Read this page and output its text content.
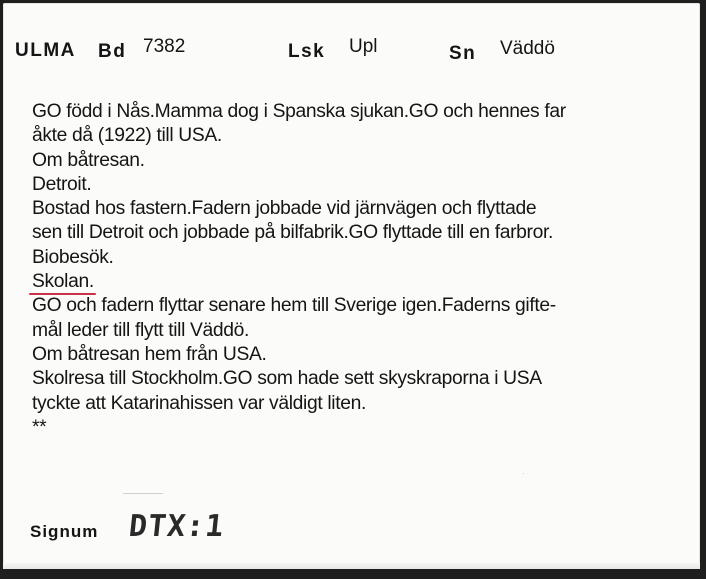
ULMA Bd 7382	Lsk Upl	Sn Väddö
GO född i Nås.Mamma dog i Spanska sjukan.GO och hennes far
åkte då (1922) till USA.
Om båtresan.
Detroit.
Bostad hos fastern.Fadern jobbade vid järnvägen och flyttade
sen till Detroit och jobbade på bilfabrik.GO flyttade till en farbror.
Biobesök.
Skolan.
GO och fadern flyttar senare hem till Sverige igen.Faderns gifte-
mål leder till flytt till Väddö.
Om båtresan hem från USA.
Skolresa till Stockholm.GO som hade sett skyskraporna i USA
tyckte att Katarinahissen var väldigt liten.
**
Signum DTX:1
